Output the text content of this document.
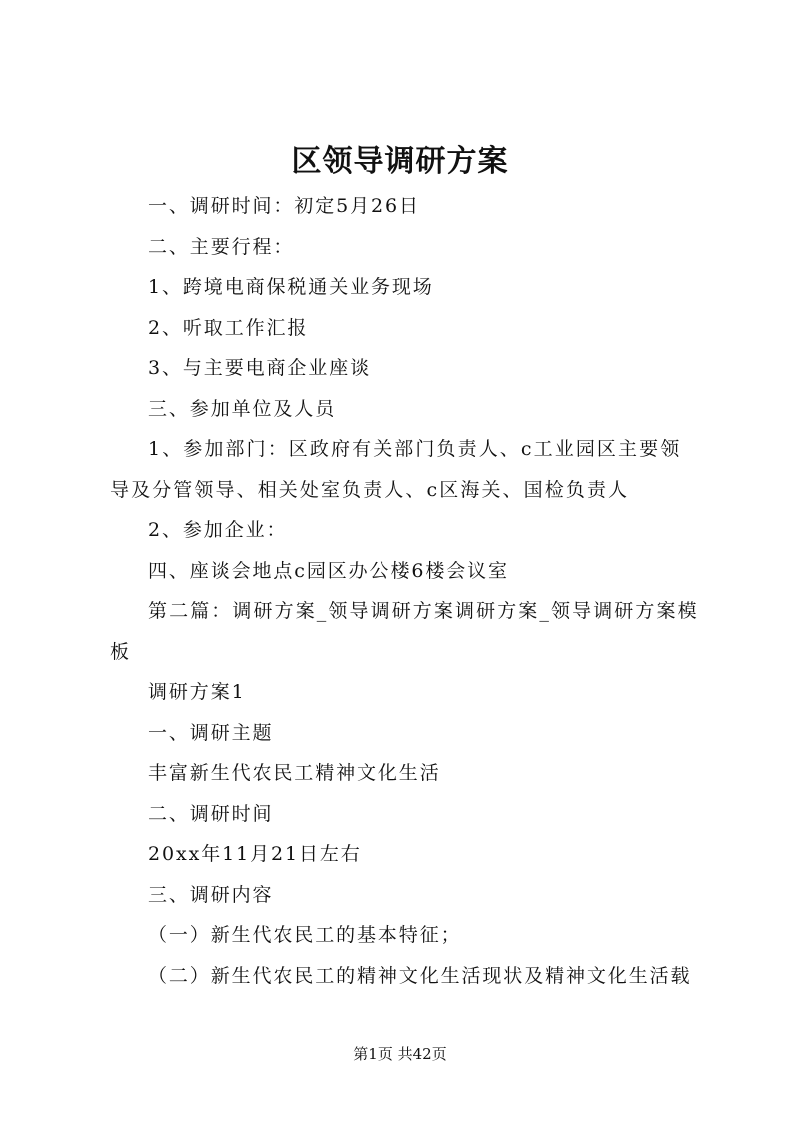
区领导调研方案

一、调研时间：初定5月26日

二、主要行程：

1、跨境电商保税通关业务现场

2、听取工作汇报

3、与主要电商企业座谈

三、参加单位及人员

1、参加部门：区政府有关部门负责人、c工业园区主要领导及分管领导、相关处室负责人、c区海关、国检负责人

2、参加企业：

四、座谈会地点c园区办公楼6楼会议室

第二篇：调研方案_领导调研方案调研方案_领导调研方案模板

调研方案1

一、调研主题

丰富新生代农民工精神文化生活

二、调研时间

20xx年11月21日左右

三、调研内容

（一）新生代农民工的基本特征；

（二）新生代农民工的精神文化生活现状及精神文化生活载

第1页 共42页
